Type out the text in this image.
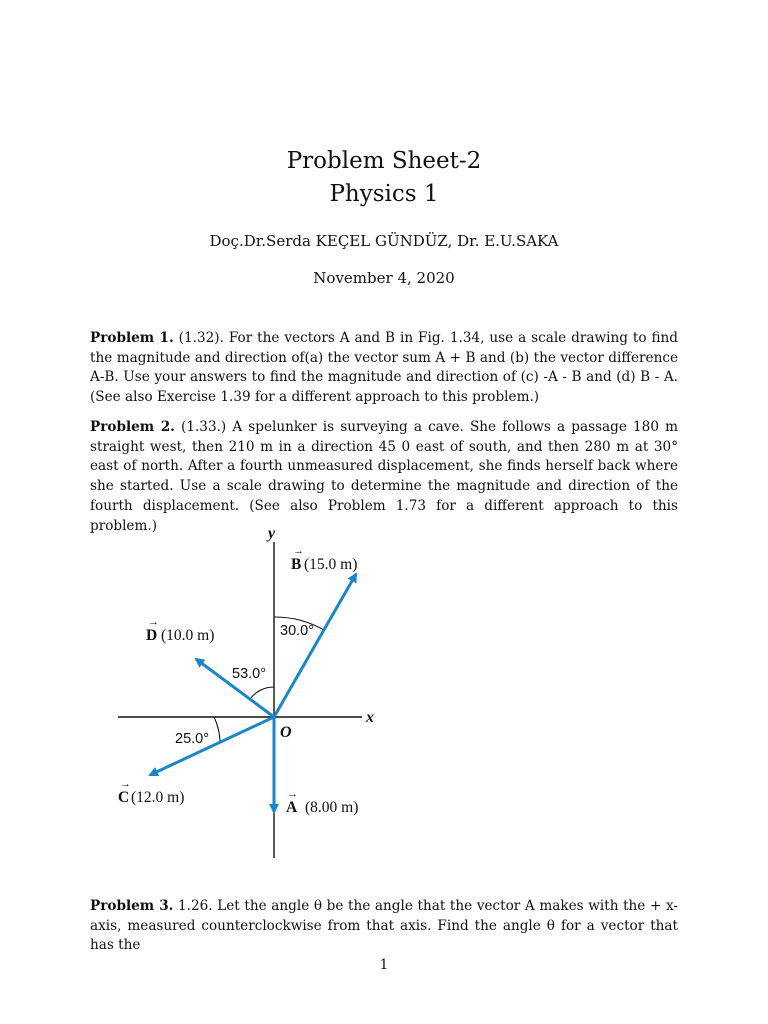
Problem Sheet-2
Physics 1
Doç.Dr.Serda KEÇEL GÜNDÜZ, Dr. E.U.SAKA
November 4, 2020

Problem 1. (1.32). For the vectors A and B in Fig. 1.34, use a scale drawing to find the magnitude and direction of(a) the vector sum A + B and (b) the vector difference A-B. Use your answers to find the magnitude and direction of (c) -A - B and (d) B - A. (See also Exercise 1.39 for a different approach to this problem.)

Problem 2. (1.33.) A spelunker is surveying a cave. She follows a passage 180 m straight west, then 210 m in a direction 45 0 east of south, and then 280 m at 30° east of north. After a fourth unmeasured displacement, she finds herself back where she started. Use a scale drawing to determine the magnitude and direction of the fourth displacement. (See also Problem 1.73 for a different approach to this problem.)	y
x
O
30.0°
53.0°
25.0°
B
→
(15.0 m)
D
→
(10.0 m)
C
→
(12.0 m)
A
→
(8.00 m)

Problem 3. 1.26. Let the angle θ be the angle that the vector A makes with the + x-axis, measured counterclockwise from that axis. Find the angle θ for a vector that has the

1
